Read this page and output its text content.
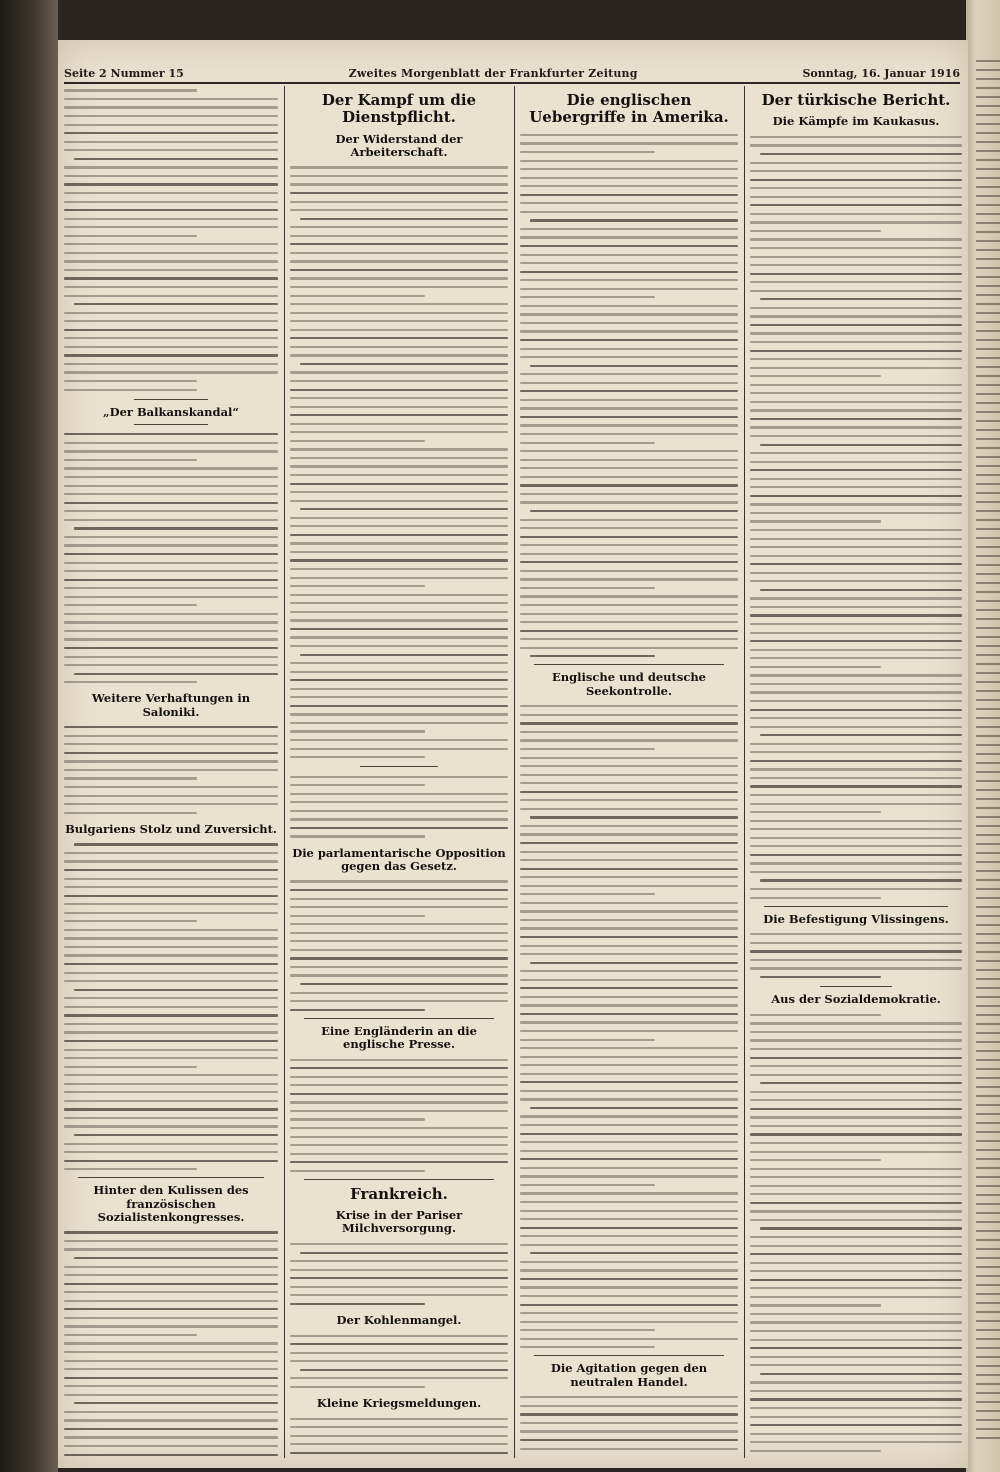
Seite 2 Nummer 15	Zweites Morgenblatt der Frankfurter Zeitung	Sonntag, 16. Januar 1916
„Der Balkanskandal“
Weitere Verhaftungen in Saloniki.
Bulgariens Stolz und Zuversicht.
Hinter den Kulissen des französischen Sozialistenkongresses.
Der Kampf um die Dienstpflicht.
Der Widerstand der Arbeiterschaft.
Die parlamentarische Opposition gegen das Gesetz.
Eine Engländerin an die englische Presse.
Frankreich.
Krise in der Pariser Milchversorgung.
Der Kohlenmangel.
Kleine Kriegsmeldungen.
Die englischen Uebergriffe in Amerika.
Englische und deutsche Seekontrolle.
Die Agitation gegen den neutralen Handel.
Der türkische Bericht.
Die Kämpfe im Kaukasus.
Die Befestigung Vlissingens.
Aus der Sozialdemokratie.
